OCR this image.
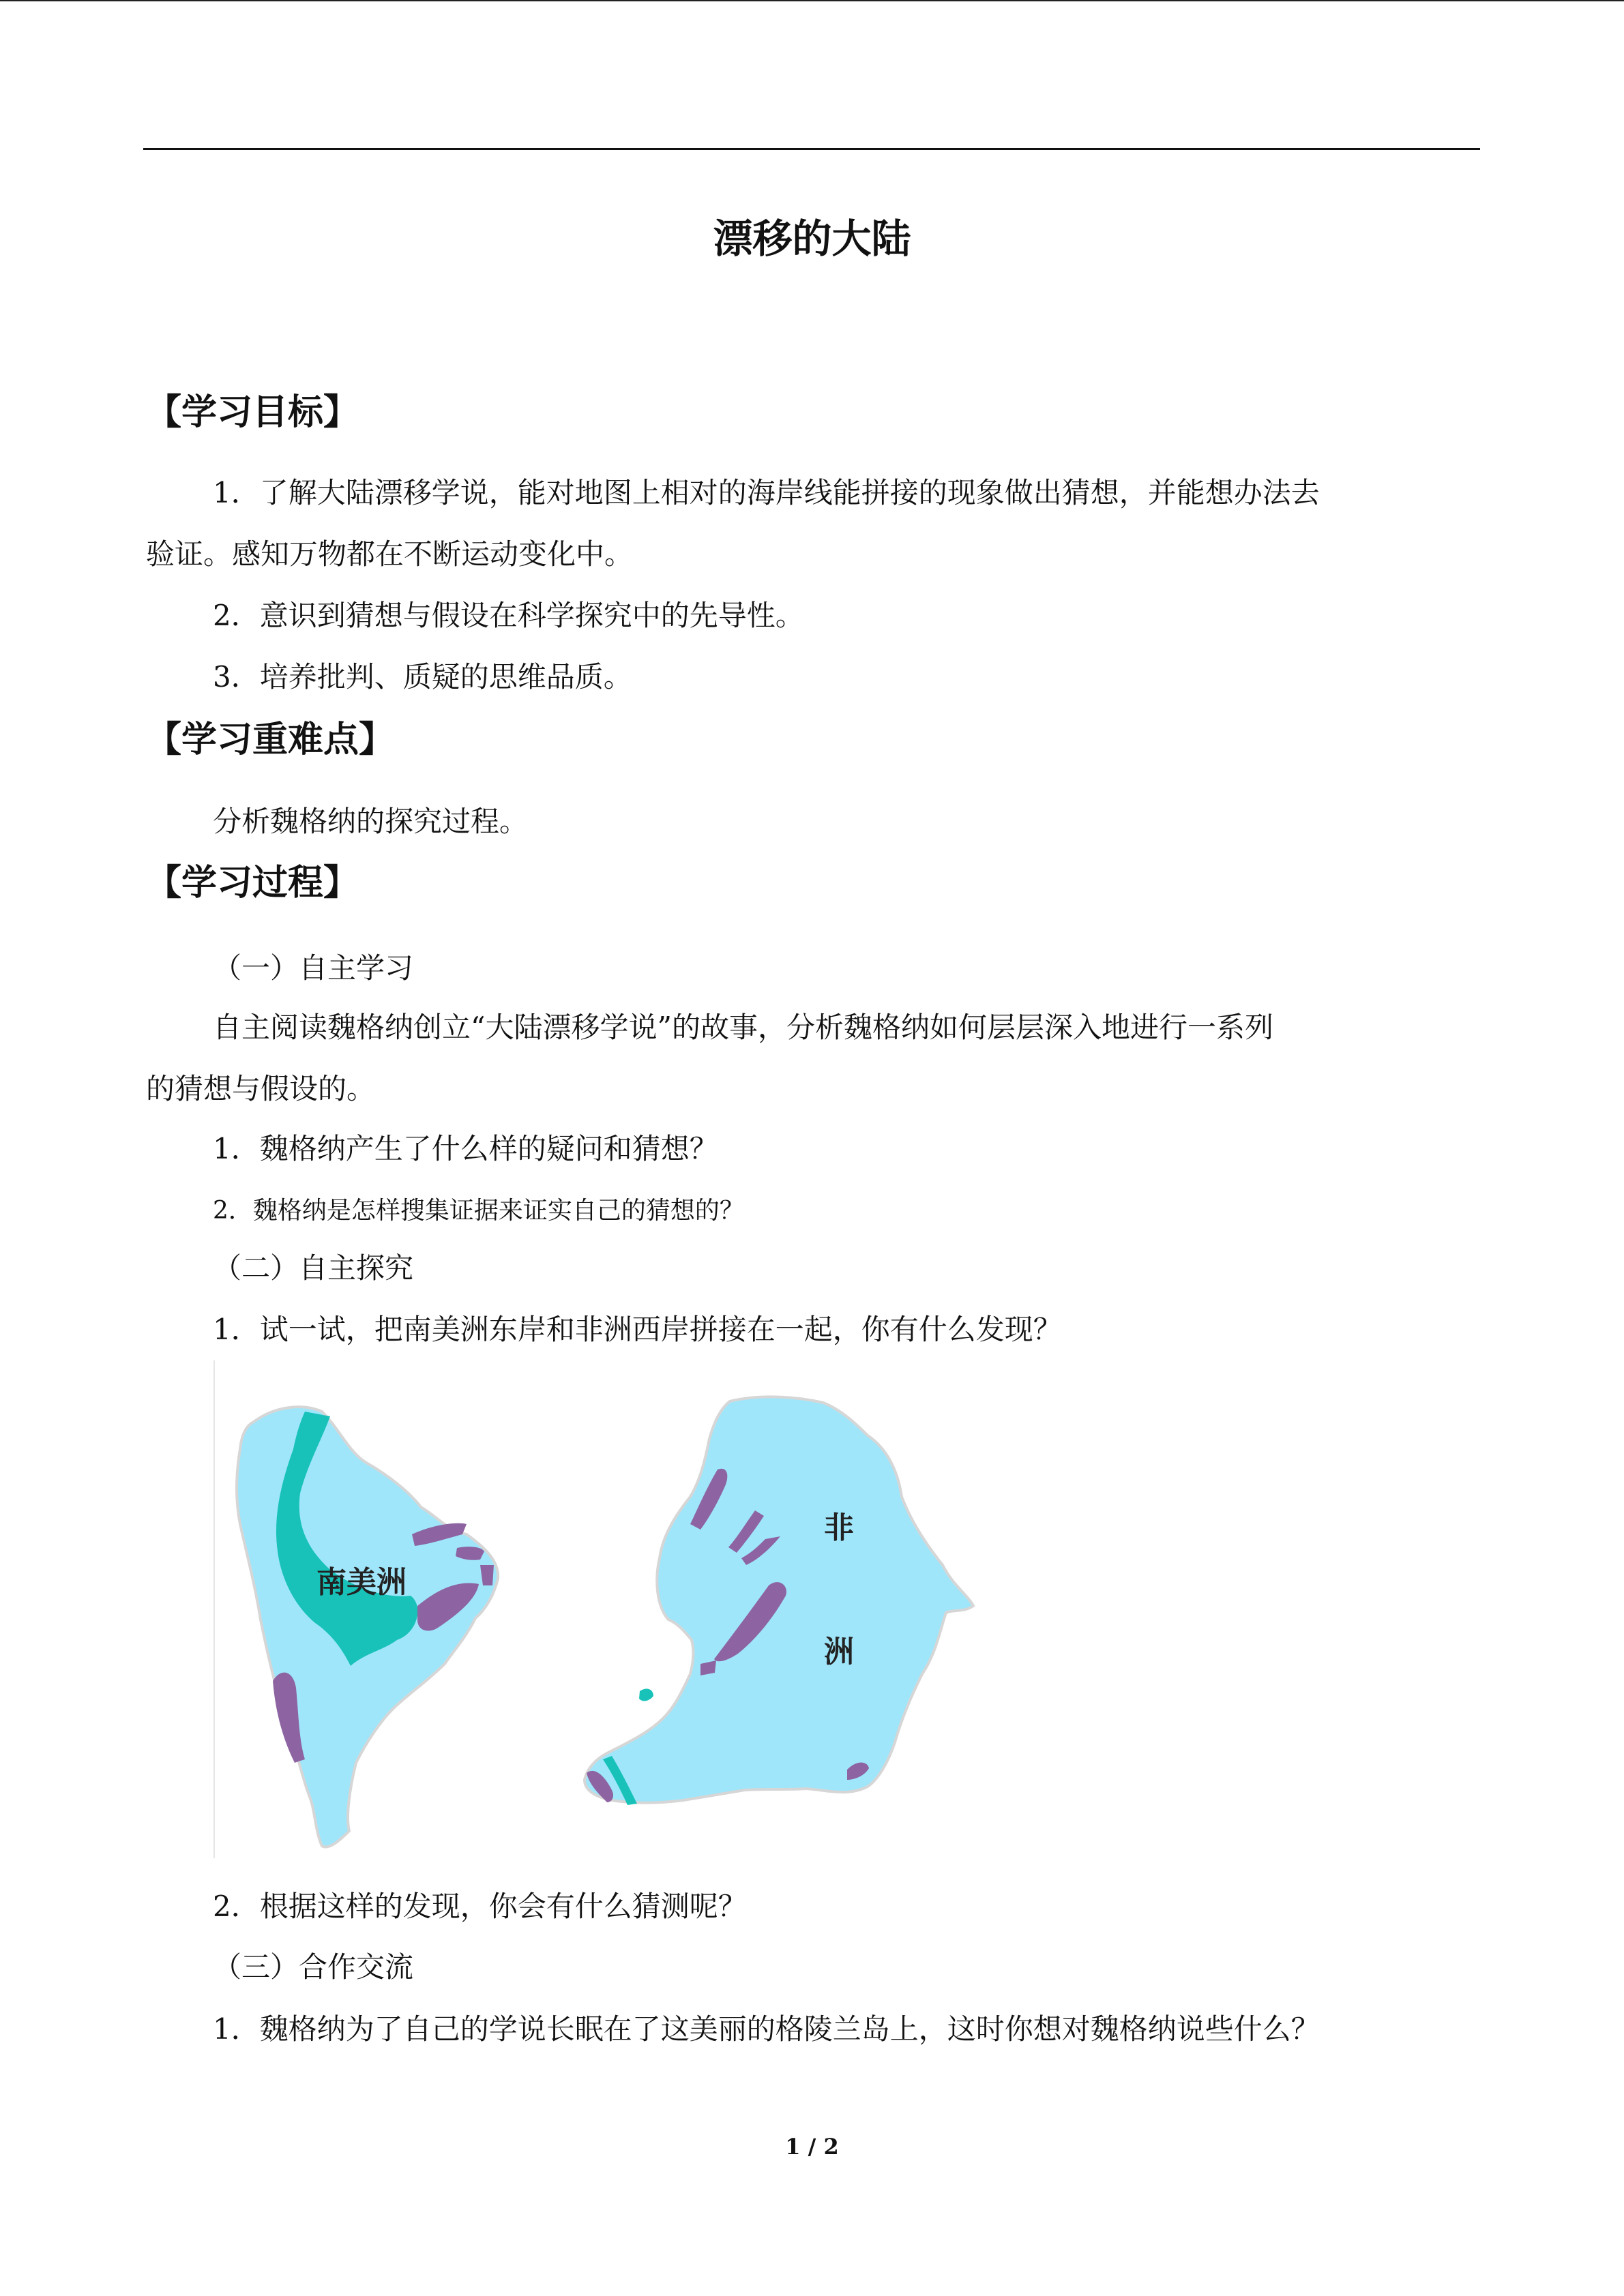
漂移的大陆
【学习目标】
1．了解大陆漂移学说，能对地图上相对的海岸线能拼接的现象做出猜想，并能想办法去
验证。感知万物都在不断运动变化中。
2．意识到猜想与假设在科学探究中的先导性。
3．培养批判、质疑的思维品质。
【学习重难点】
分析魏格纳的探究过程。
【学习过程】
（一）自主学习
自主阅读魏格纳创立“大陆漂移学说”的故事，分析魏格纳如何层层深入地进行一系列
的猜想与假设的。
1．魏格纳产生了什么样的疑问和猜想？
2．魏格纳是怎样搜集证据来证实自己的猜想的？
（二）自主探究
1．试一试，把南美洲东岸和非洲西岸拼接在一起，你有什么发现？
南美洲
非
洲
2．根据这样的发现，你会有什么猜测呢？
（三）合作交流
1．魏格纳为了自己的学说长眠在了这美丽的格陵兰岛上，这时你想对魏格纳说些什么？
1 / 2
